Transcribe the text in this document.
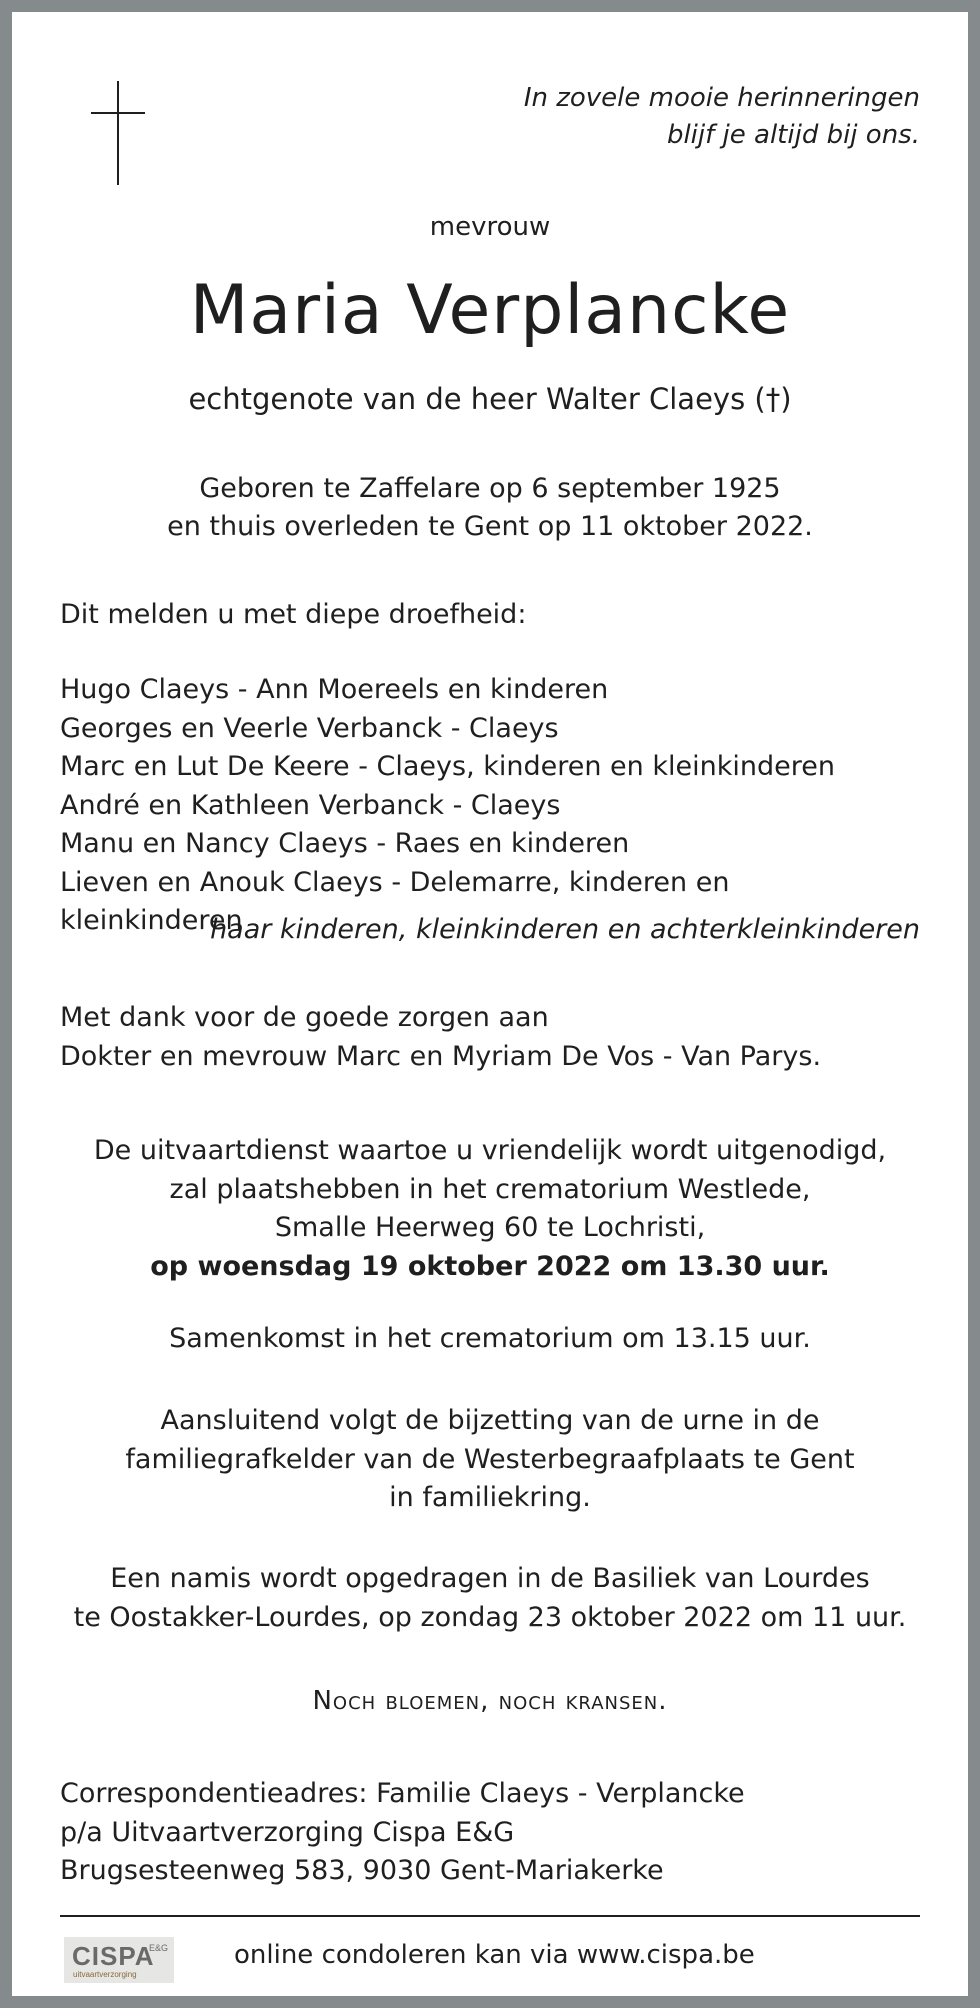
In zovele mooie herinneringen
blijf je altijd bij ons.
mevrouw
Maria Verplancke
echtgenote van de heer Walter Claeys (†)
Geboren te Zaffelare op 6 september 1925
en thuis overleden te Gent op 11 oktober 2022.
Dit melden u met diepe droefheid:
Hugo Claeys - Ann Moereels en kinderen
Georges en Veerle Verbanck - Claeys
Marc en Lut De Keere - Claeys, kinderen en kleinkinderen
André en Kathleen Verbanck - Claeys
Manu en Nancy Claeys - Raes en kinderen
Lieven en Anouk Claeys - Delemarre, kinderen en kleinkinderen
haar kinderen, kleinkinderen en achterkleinkinderen
Met dank voor de goede zorgen aan
Dokter en mevrouw Marc en Myriam De Vos - Van Parys.
De uitvaartdienst waartoe u vriendelijk wordt uitgenodigd,
zal plaatshebben in het crematorium Westlede,
Smalle Heerweg 60 te Lochristi,
op woensdag 19 oktober 2022 om 13.30 uur.
Samenkomst in het crematorium om 13.15 uur.
Aansluitend volgt de bijzetting van de urne in de
familiegrafkelder van de Westerbegraafplaats te Gent
in familiekring.
Een namis wordt opgedragen in de Basiliek van Lourdes
te Oostakker-Lourdes, op zondag 23 oktober 2022 om 11 uur.
Noch bloemen, noch kransen.
Correspondentieadres: Familie Claeys - Verplancke
p/a Uitvaartverzorging Cispa E&G
Brugsesteenweg 583, 9030 Gent-Mariakerke
CISPA
E&G
uitvaartverzorging
online condoleren kan via www.cispa.be
